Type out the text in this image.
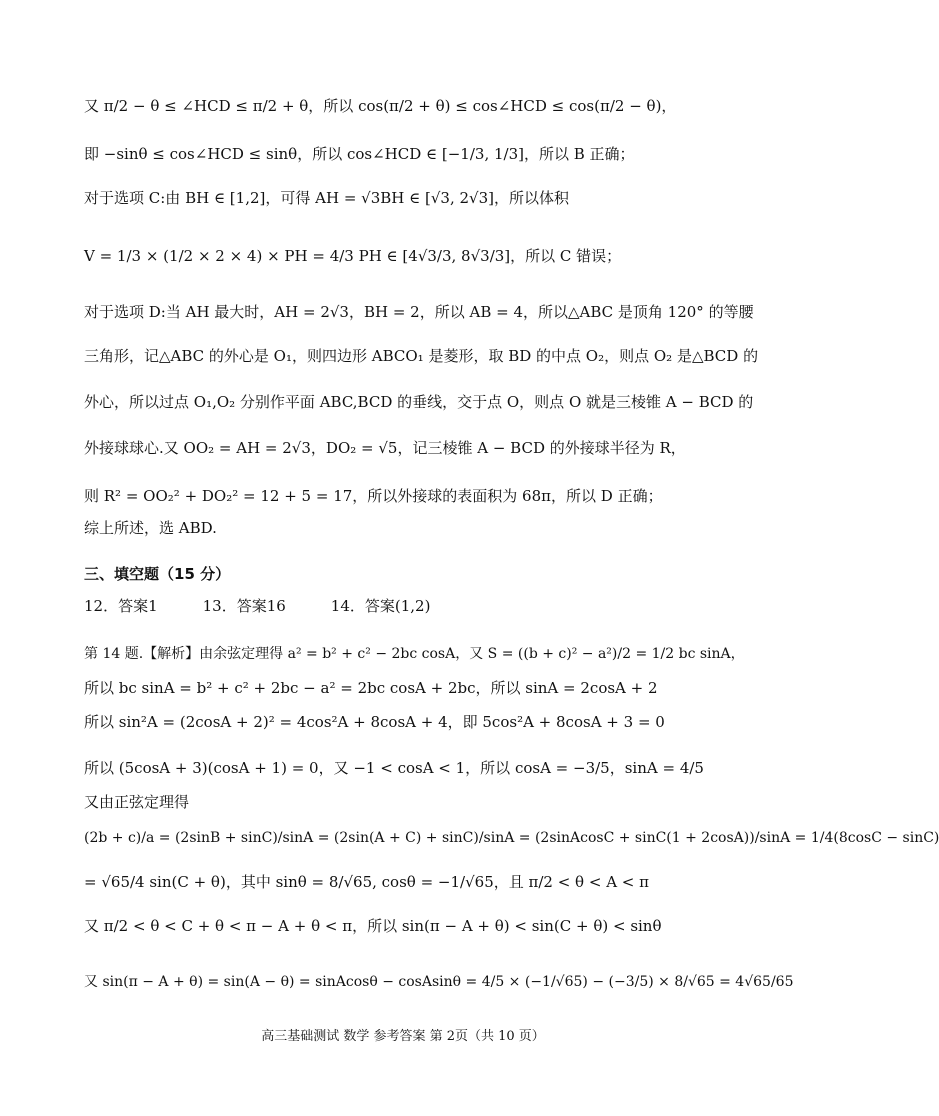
又 π/2 − θ ≤ ∠HCD ≤ π/2 + θ，所以 cos(π/2 + θ) ≤ cos∠HCD ≤ cos(π/2 − θ)，
即 −sinθ ≤ cos∠HCD ≤ sinθ，所以 cos∠HCD ∈ [−1/3, 1/3]，所以 B 正确；
对于选项 C:由 BH ∈ [1,2]，可得 AH = √3BH ∈ [√3, 2√3]，所以体积
V = 1/3 × (1/2 × 2 × 4) × PH = 4/3 PH ∈ [4√3/3, 8√3/3]，所以 C 错误；
对于选项 D:当 AH 最大时，AH = 2√3，BH = 2，所以 AB = 4，所以△ABC 是顶角 120° 的等腰
三角形，记△ABC 的外心是 O₁，则四边形 ABCO₁ 是菱形，取 BD 的中点 O₂，则点 O₂ 是△BCD 的
外心，所以过点 O₁,O₂ 分别作平面 ABC,BCD 的垂线，交于点 O，则点 O 就是三棱锥 A − BCD 的
外接球球心.又 OO₂ = AH = 2√3，DO₂ = √5，记三棱锥 A − BCD 的外接球半径为 R，
则 R² = OO₂² + DO₂² = 12 + 5 = 17，所以外接球的表面积为 68π，所以 D 正确；
综上所述，选 ABD.
三、填空题（15 分）
12．答案1　　　13．答案16　　　14．答案(1,2)
第 14 题.【解析】由余弦定理得 a² = b² + c² − 2bc cosA，又 S = ((b + c)² − a²)/2 = 1/2 bc sinA，
所以 bc sinA = b² + c² + 2bc − a² = 2bc cosA + 2bc，所以 sinA = 2cosA + 2
所以 sin²A = (2cosA + 2)² = 4cos²A + 8cosA + 4，即 5cos²A + 8cosA + 3 = 0
所以 (5cosA + 3)(cosA + 1) = 0，又 −1 < cosA < 1，所以 cosA = −3/5，sinA = 4/5
又由正弦定理得
(2b + c)/a = (2sinB + sinC)/sinA = (2sin(A + C) + sinC)/sinA = (2sinAcosC + sinC(1 + 2cosA))/sinA = 1/4(8cosC − sinC)
= √65/4 sin(C + θ)，其中 sinθ = 8/√65, cosθ = −1/√65，且 π/2 < θ < A < π
又 π/2 < θ < C + θ < π − A + θ < π，所以 sin(π − A + θ) < sin(C + θ) < sinθ
又 sin(π − A + θ) = sin(A − θ) = sinAcosθ − cosAsinθ = 4/5 × (−1/√65) − (−3/5) × 8/√65 = 4√65/65
高三基础测试 数学 参考答案 第 2页（共 10 页）
